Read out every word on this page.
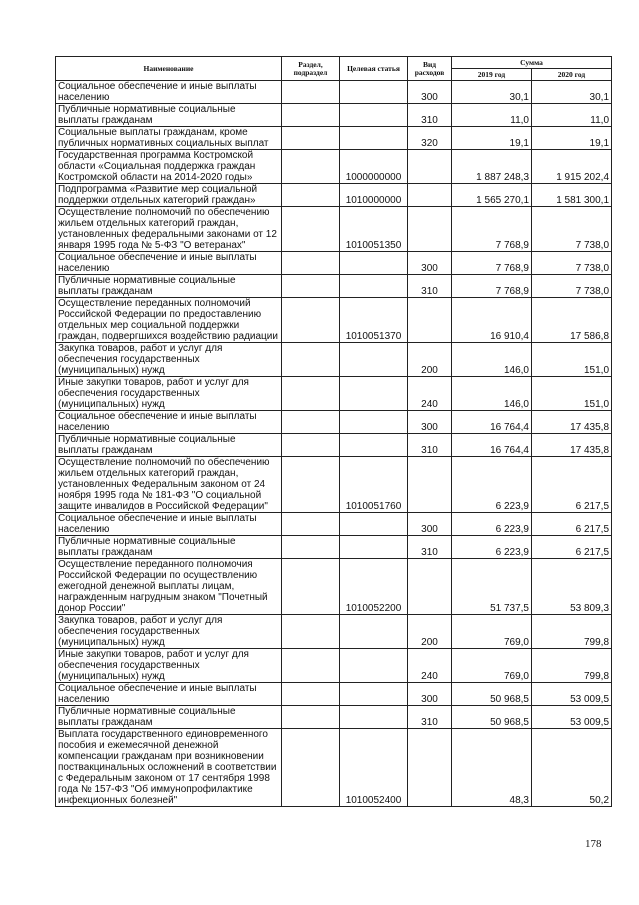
Наименование	Раздел, подраздел	Целевая статья	Вид расходов	Сумма	
				2019 год	2020 год
Социальное обеспечение и иные выплаты населению			300	30,1	30,1
Публичные нормативные социальные выплаты гражданам			310	11,0	11,0
Социальные выплаты гражданам, кроме публичных нормативных социальных выплат			320	19,1	19,1
Государственная программа Костромской области «Социальная поддержка граждан Костромской области на 2014-2020 годы»		1000000000		1 887 248,3	1 915 202,4
Подпрограмма «Развитие мер социальной поддержки отдельных категорий граждан»		1010000000		1 565 270,1	1 581 300,1
Осуществление полномочий по обеспечению жильем отдельных категорий граждан, установленных федеральными законами от 12 января 1995 года № 5-ФЗ "О ветеранах"		1010051350		7 768,9	7 738,0
Социальное обеспечение и иные выплаты населению			300	7 768,9	7 738,0
Публичные нормативные социальные выплаты гражданам			310	7 768,9	7 738,0
Осуществление переданных полномочий Российской Федерации по предоставлению отдельных мер социальной поддержки граждан, подвергшихся воздействию радиации		1010051370		16 910,4	17 586,8
Закупка товаров, работ и услуг для обеспечения государственных (муниципальных) нужд			200	146,0	151,0
Иные закупки товаров, работ и услуг для обеспечения государственных (муниципальных) нужд			240	146,0	151,0
Социальное обеспечение и иные выплаты населению			300	16 764,4	17 435,8
Публичные нормативные социальные выплаты гражданам			310	16 764,4	17 435,8
Осуществление полномочий по обеспечению жильем отдельных категорий граждан, установленных Федеральным законом от 24 ноября 1995 года № 181-ФЗ "О социальной защите инвалидов в Российской Федерации"		1010051760		6 223,9	6 217,5
Социальное обеспечение и иные выплаты населению			300	6 223,9	6 217,5
Публичные нормативные социальные выплаты гражданам			310	6 223,9	6 217,5
Осуществление переданного полномочия Российской Федерации по осуществлению ежегодной денежной выплаты лицам, награжденным нагрудным знаком "Почетный донор России"		1010052200		51 737,5	53 809,3
Закупка товаров, работ и услуг для обеспечения государственных (муниципальных) нужд			200	769,0	799,8
Иные закупки товаров, работ и услуг для обеспечения государственных (муниципальных) нужд			240	769,0	799,8
Социальное обеспечение и иные выплаты населению			300	50 968,5	53 009,5
Публичные нормативные социальные выплаты гражданам			310	50 968,5	53 009,5
Выплата государственного единовременного пособия и ежемесячной денежной компенсации гражданам при возникновении поствакцинальных осложнений в соответствии с Федеральным законом от 17 сентября 1998 года № 157-ФЗ "Об иммунопрофилактике инфекционных болезней"		1010052400		48,3	50,2
178
